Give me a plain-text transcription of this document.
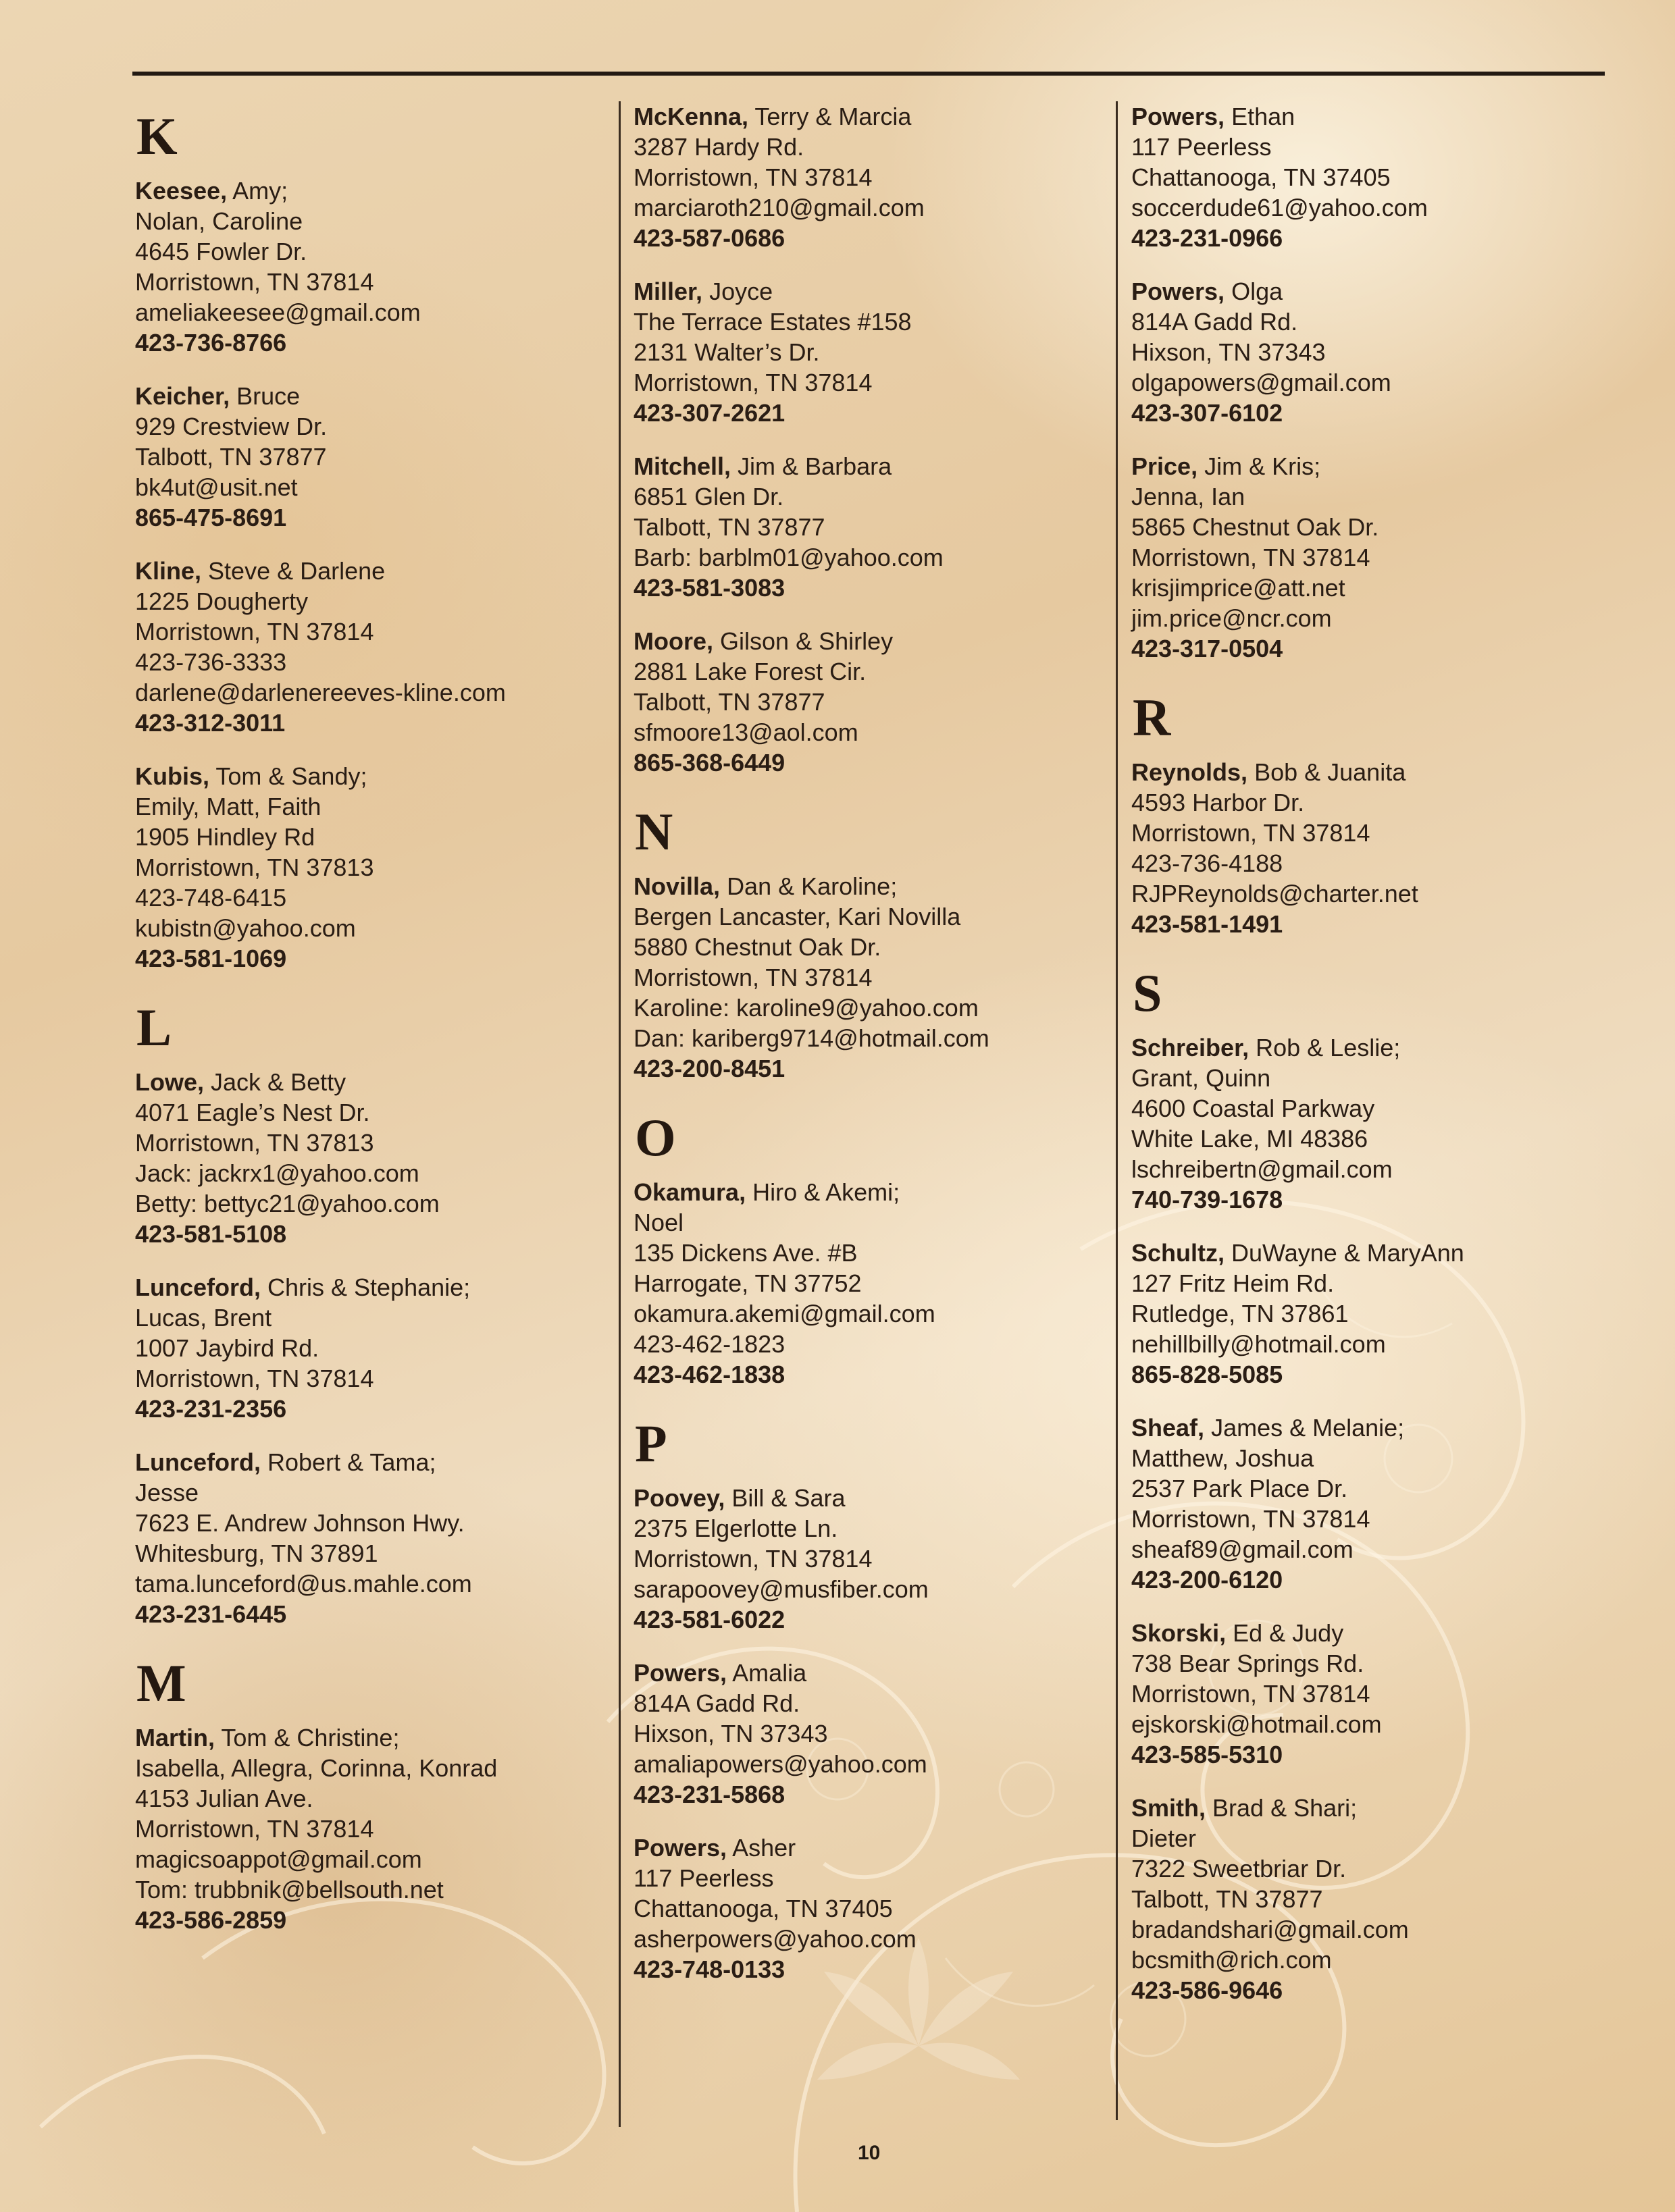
K
Keesee, Amy;
Nolan, Caroline
4645 Fowler Dr.
Morristown, TN 37814
ameliakeesee@gmail.com
423-736-8766
Keicher, Bruce
929 Crestview Dr.
Talbott, TN 37877
bk4ut@usit.net
865-475-8691
Kline, Steve & Darlene
1225 Dougherty
Morristown, TN 37814
423-736-3333
darlene@darlenereeves-kline.com
423-312-3011
Kubis, Tom & Sandy;
Emily, Matt, Faith
1905 Hindley Rd
Morristown, TN 37813
423-748-6415
kubistn@yahoo.com
423-581-1069
L
Lowe, Jack & Betty
4071 Eagle’s Nest Dr.
Morristown, TN 37813
Jack: jackrx1@yahoo.com
Betty: bettyc21@yahoo.com
423-581-5108
Lunceford, Chris & Stephanie;
Lucas, Brent
1007 Jaybird Rd.
Morristown, TN 37814
423-231-2356
Lunceford, Robert & Tama;
Jesse
7623 E. Andrew Johnson Hwy.
Whitesburg, TN 37891
tama.lunceford@us.mahle.com
423-231-6445
M
Martin, Tom & Christine;
Isabella, Allegra, Corinna, Konrad
4153 Julian Ave.
Morristown, TN 37814
magicsoappot@gmail.com
Tom: trubbnik@bellsouth.net
423-586-2859
McKenna, Terry & Marcia
3287 Hardy Rd.
Morristown, TN 37814
marciaroth210@gmail.com
423-587-0686
Miller, Joyce
The Terrace Estates #158
2131 Walter’s Dr.
Morristown, TN 37814
423-307-2621
Mitchell, Jim & Barbara
6851 Glen Dr.
Talbott, TN 37877
Barb: barblm01@yahoo.com
423-581-3083
Moore, Gilson & Shirley
2881 Lake Forest Cir.
Talbott, TN 37877
sfmoore13@aol.com
865-368-6449
N
Novilla, Dan & Karoline;
Bergen Lancaster, Kari Novilla
5880 Chestnut Oak Dr.
Morristown, TN 37814
Karoline: karoline9@yahoo.com
Dan: kariberg9714@hotmail.com
423-200-8451
O
Okamura, Hiro & Akemi;
Noel
135 Dickens Ave. #B
Harrogate, TN 37752
okamura.akemi@gmail.com
423-462-1823
423-462-1838
P
Poovey, Bill & Sara
2375 Elgerlotte Ln.
Morristown, TN 37814
sarapoovey@musfiber.com
423-581-6022
Powers, Amalia
814A Gadd Rd.
Hixson, TN 37343
amaliapowers@yahoo.com
423-231-5868
Powers, Asher
117 Peerless
Chattanooga, TN 37405
asherpowers@yahoo.com
423-748-0133
Powers, Ethan
117 Peerless
Chattanooga, TN 37405
soccerdude61@yahoo.com
423-231-0966
Powers, Olga
814A Gadd Rd.
Hixson, TN 37343
olgapowers@gmail.com
423-307-6102
Price, Jim & Kris;
Jenna, Ian
5865 Chestnut Oak Dr.
Morristown, TN 37814
krisjimprice@att.net
jim.price@ncr.com
423-317-0504
R
Reynolds, Bob & Juanita
4593 Harbor Dr.
Morristown, TN 37814
423-736-4188
RJPReynolds@charter.net
423-581-1491
S
Schreiber, Rob & Leslie;
Grant, Quinn
4600 Coastal Parkway
White Lake, MI 48386
lschreibertn@gmail.com
740-739-1678
Schultz, DuWayne & MaryAnn
127 Fritz Heim Rd.
Rutledge, TN 37861
nehillbilly@hotmail.com
865-828-5085
Sheaf, James & Melanie;
Matthew, Joshua
2537 Park Place Dr.
Morristown, TN 37814
sheaf89@gmail.com
423-200-6120
Skorski, Ed & Judy
738 Bear Springs Rd.
Morristown, TN 37814
ejskorski@hotmail.com
423-585-5310
Smith, Brad & Shari;
Dieter
7322 Sweetbriar Dr.
Talbott, TN 37877
bradandshari@gmail.com
bcsmith@rich.com
423-586-9646
10
